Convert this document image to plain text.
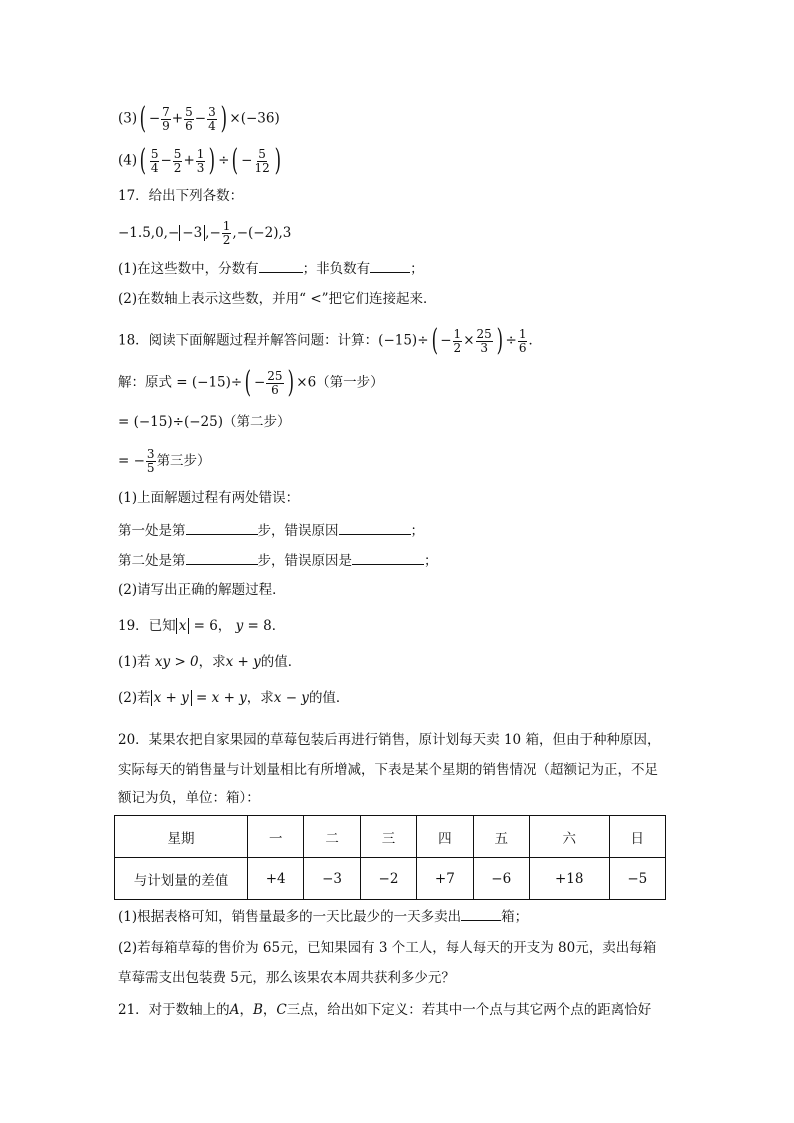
$(3)( - \frac{7}{9} + \frac{5}{6} - \frac{3}{4}$ ) ×(−36)
$(4)( \frac{5}{4} - \frac{5}{2} + \frac{1}{3}$ ) ÷( − $\frac{5}{12}$ )
17．给出下列各数：
−1.5,0,− −3 ,− $\frac{1}{2} ,-(-2),3$
(1)在这些数中，分数有	；非负数有	；
(2)在数轴上表示这些数，并用“ <”把它们连接起来．
18．阅读下面解题过程并解答问题：计算：$(-15)\div( - \frac{1}{2} \times \frac{25}{3}$ ) ÷ $\frac{1}{6}$ ．
解：原式 = $(-15)\div( - \frac{25}{6}$ ) ×6（第一步）
= (−15)÷(−25)（第二步）
= − $\frac{3}{5}$ 第三步）
(1)上面解题过程有两处错误：
第一处是第	步，错误原因	；
第二处是第	步，错误原因是	；
(2)请写出正确的解题过程．
19．已知 x = 6， y = 8．
(1)若 xy > 0，求x + y的值．
(2)若 x + y = x + y，求x − y的值．
20．某果农把自家果园的草莓包装后再进行销售，原计划每天卖 10 箱，但由于种种原因，
实际每天的销售量与计划量相比有所增减，下表是某个星期的销售情况（超额记为正，不足
额记为负，单位：箱）：
星期	一	二	三	四	五	六	日
与计划量的差值	+4	−3	−2	+7	−6	+18	−5
(1)根据表格可知，销售量最多的一天比最少的一天多卖出	箱；
(2)若每箱草莓的售价为 65元，已知果园有 3 个工人，每人每天的开支为 80元，卖出每箱
草莓需支出包装费 5元，那么该果农本周共获利多少元？
21．对于数轴上的A，B，C三点，给出如下定义：若其中一个点与其它两个点的距离恰好
